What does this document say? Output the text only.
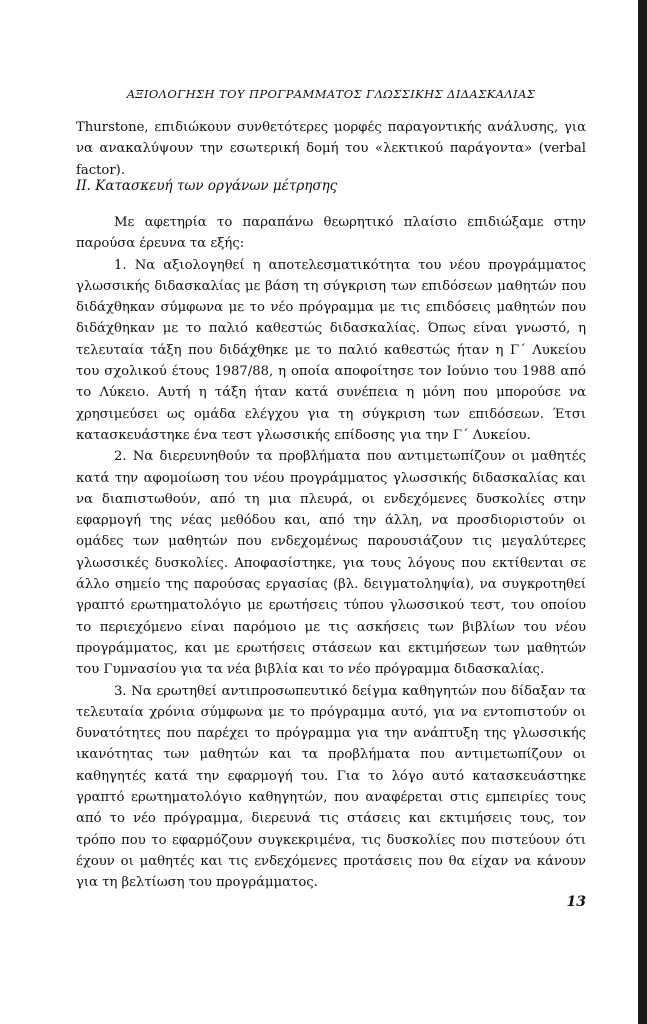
ΑΞΙΟΛΟΓΗΣΗ ΤΟΥ ΠΡΟΓΡΑΜΜΑΤΟΣ ΓΛΩΣΣΙΚΗΣ ΔΙΔΑΣΚΑΛΙΑΣ

Thurstone, επιδιώκουν συνθετότερες μορφές παραγοντικής ανάλυσης, για να ανακαλύψουν την εσωτερική δομή του «λεκτικού παράγοντα» (verbal factor).

ΙΙ. Κατασκευή των οργάνων μέτρησης

Με αφετηρία το παραπάνω θεωρητικό πλαίσιο επιδιώξαμε στην παρούσα έρευνα τα εξής:

1. Να αξιολογηθεί η αποτελεσματικότητα του νέου προγράμματος γλωσσικής διδασκαλίας με βάση τη σύγκριση των επιδόσεων μαθητών που διδάχθηκαν σύμφωνα με το νέο πρόγραμμα με τις επιδόσεις μαθητών που διδάχθηκαν με το παλιό καθεστώς διδασκαλίας. Όπως είναι γνωστό, η τελευταία τάξη που διδάχθηκε με το παλιό καθεστώς ήταν η Γ΄ Λυκείου του σχολικού έτους 1987/88, η οποία αποφοίτησε τον Ιούνιο του 1988 από το Λύκειο. Αυτή η τάξη ήταν κατά συνέπεια η μόνη που μπορούσε να χρησιμεύσει ως ομάδα ελέγχου για τη σύγκριση των επιδόσεων. Έτσι κατασκευάστηκε ένα τεστ γλωσσικής επίδοσης για την Γ΄ Λυκείου.

2. Να διερευνηθούν τα προβλήματα που αντιμετωπίζουν οι μαθητές κατά την αφομοίωση του νέου προγράμματος γλωσσικής διδασκαλίας και να διαπιστωθούν, από τη μια πλευρά, οι ενδεχόμενες δυσκολίες στην εφαρμογή της νέας μεθόδου και, από την άλλη, να προσδιοριστούν οι ομάδες των μαθητών που ενδεχομένως παρουσιάζουν τις μεγαλύτερες γλωσσικές δυσκολίες. Αποφασίστηκε, για τους λόγους που εκτίθενται σε άλλο σημείο της παρούσας εργασίας (βλ. δειγματοληψία), να συγκροτηθεί γραπτό ερωτηματολόγιο με ερωτήσεις τύπου γλωσσικού τεστ, του οποίου το περιεχόμενο είναι παρόμοιο με τις ασκήσεις των βιβλίων του νέου προγράμματος, και με ερωτήσεις στάσεων και εκτιμήσεων των μαθητών του Γυμνασίου για τα νέα βιβλία και το νέο πρόγραμμα διδασκαλίας.

3. Να ερωτηθεί αντιπροσωπευτικό δείγμα καθηγητών που δίδαξαν τα τελευταία χρόνια σύμφωνα με το πρόγραμμα αυτό, για να εντοπιστούν οι δυνατότητες που παρέχει το πρόγραμμα για την ανάπτυξη της γλωσσικής ικανότητας των μαθητών και τα προβλήματα που αντιμετωπίζουν οι καθηγητές κατά την εφαρμογή του. Για το λόγο αυτό κατασκευάστηκε γραπτό ερωτηματολόγιο καθηγητών, που αναφέρεται στις εμπειρίες τους από το νέο πρόγραμμα, διερευνά τις στάσεις και εκτιμήσεις τους, τον τρόπο που το εφαρμόζουν συγκεκριμένα, τις δυσκολίες που πιστεύουν ότι έχουν οι μαθητές και τις ενδεχόμενες προτάσεις που θα είχαν να κάνουν για τη βελτίωση του προγράμματος.

13
